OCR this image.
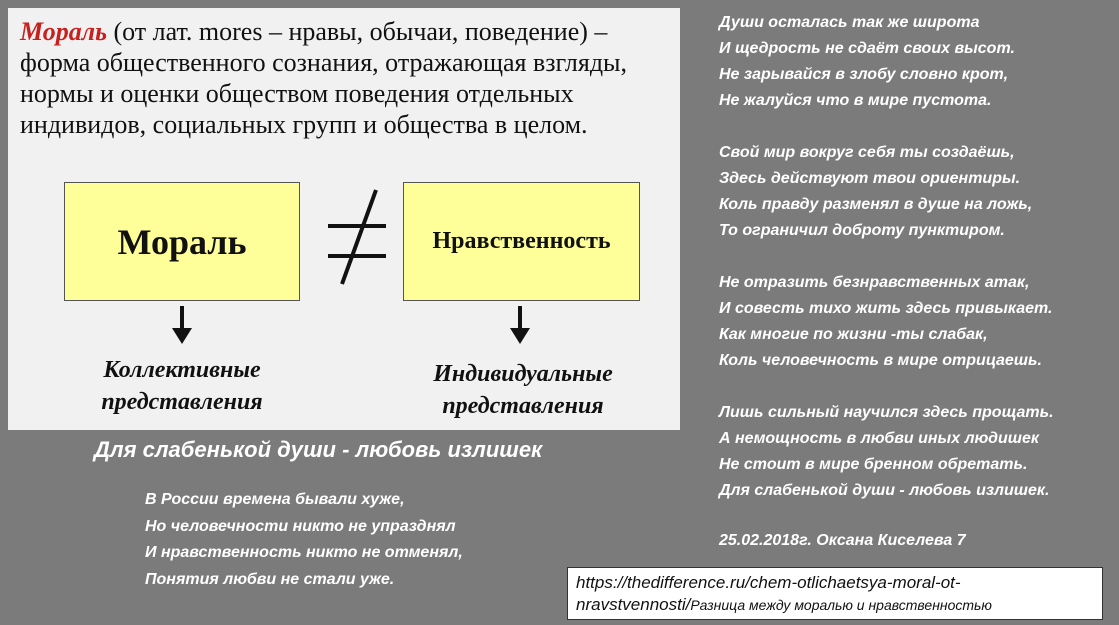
Мораль (от лат. mores – нравы, обычаи, поведение) – форма общественного сознания, отражающая взгляды, нормы и оценки обществом поведения отдельных индивидов, социальных групп и общества в целом.
Мораль	Нравственность
Коллективные
представления
Индивидуальные
представления
Для слабенькой души - любовь излишек
В России времена бывали хуже,
Но человечности никто не упразднял
И нравственность никто не отменял,
Понятия любви не стали уже.
Души осталась так же широта
И щедрость не сдаёт своих высот.
Не зарывайся в злобу словно крот,
Не жалуйся что в мире пустота.
Свой мир вокруг себя ты создаёшь,
Здесь действуют твои ориентиры.
Коль правду разменял в душе на ложь,
То ограничил доброту пунктиром.
Не отразить безнравственных атак,
И совесть тихо жить здесь привыкает.
Как многие по жизни -ты слабак,
Коль человечность в мире отрицаешь.
Лишь сильный научился здесь прощать.
А немощность в любви иных людишек
Не стоит в мире бренном обретать.
Для слабенькой души - любовь излишек.
25.02.2018г. Оксана Киселева 7
https://thedifference.ru/chem-otlichaetsya-moral-ot-
nravstvennosti/Разница между моралью и нравственностью
